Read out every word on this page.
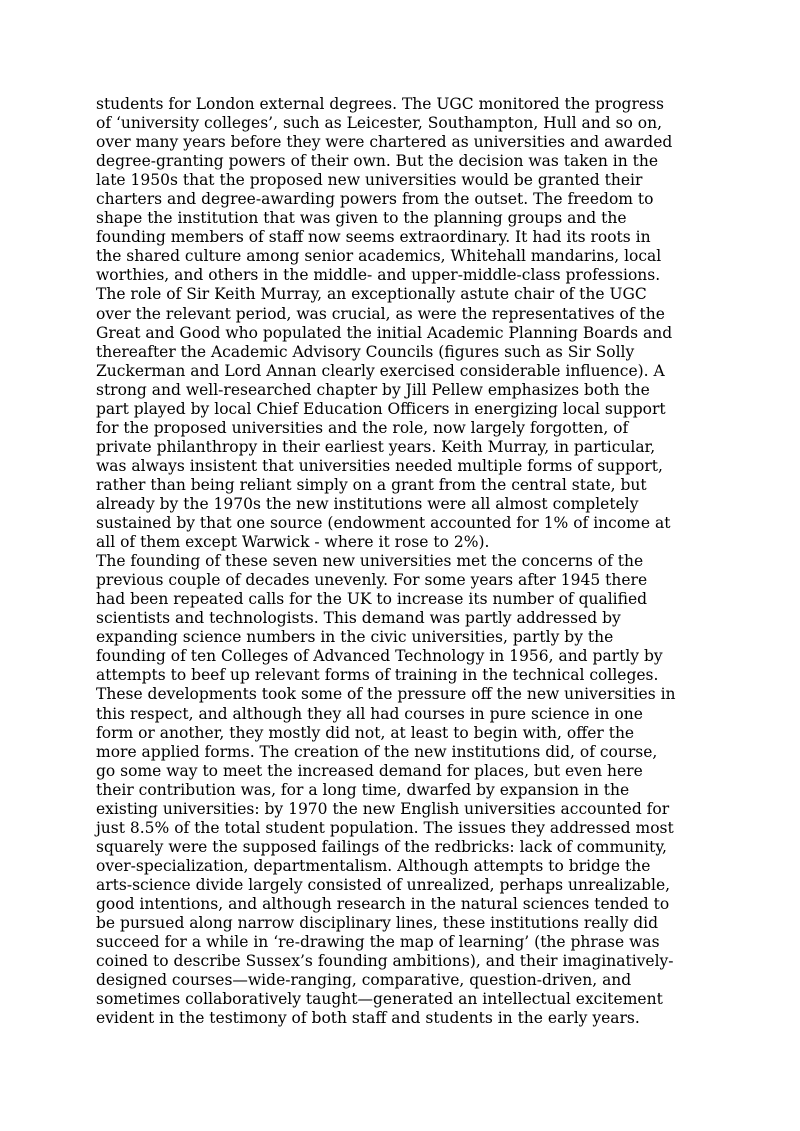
students for London external degrees. The UGC monitored the progress
of ‘university colleges’, such as Leicester, Southampton, Hull and so on,
over many years before they were chartered as universities and awarded
degree-granting powers of their own. But the decision was taken in the
late 1950s that the proposed new universities would be granted their
charters and degree-awarding powers from the outset. The freedom to
shape the institution that was given to the planning groups and the
founding members of staff now seems extraordinary. It had its roots in
the shared culture among senior academics, Whitehall mandarins, local
worthies, and others in the middle- and upper-middle-class professions.
The role of Sir Keith Murray, an exceptionally astute chair of the UGC
over the relevant period, was crucial, as were the representatives of the
Great and Good who populated the initial Academic Planning Boards and
thereafter the Academic Advisory Councils (figures such as Sir Solly
Zuckerman and Lord Annan clearly exercised considerable influence). A
strong and well-researched chapter by Jill Pellew emphasizes both the
part played by local Chief Education Officers in energizing local support
for the proposed universities and the role, now largely forgotten, of
private philanthropy in their earliest years. Keith Murray, in particular,
was always insistent that universities needed multiple forms of support,
rather than being reliant simply on a grant from the central state, but
already by the 1970s the new institutions were all almost completely
sustained by that one source (endowment accounted for 1% of income at
all of them except Warwick - where it rose to 2%).
The founding of these seven new universities met the concerns of the
previous couple of decades unevenly. For some years after 1945 there
had been repeated calls for the UK to increase its number of qualified
scientists and technologists. This demand was partly addressed by
expanding science numbers in the civic universities, partly by the
founding of ten Colleges of Advanced Technology in 1956, and partly by
attempts to beef up relevant forms of training in the technical colleges.
These developments took some of the pressure off the new universities in
this respect, and although they all had courses in pure science in one
form or another, they mostly did not, at least to begin with, offer the
more applied forms. The creation of the new institutions did, of course,
go some way to meet the increased demand for places, but even here
their contribution was, for a long time, dwarfed by expansion in the
existing universities: by 1970 the new English universities accounted for
just 8.5% of the total student population. The issues they addressed most
squarely were the supposed failings of the redbricks: lack of community,
over-specialization, departmentalism. Although attempts to bridge the
arts-science divide largely consisted of unrealized, perhaps unrealizable,
good intentions, and although research in the natural sciences tended to
be pursued along narrow disciplinary lines, these institutions really did
succeed for a while in ‘re-drawing the map of learning’ (the phrase was
coined to describe Sussex’s founding ambitions), and their imaginatively-
designed courses—wide-ranging, comparative, question-driven, and
sometimes collaboratively taught—generated an intellectual excitement
evident in the testimony of both staff and students in the early years.
